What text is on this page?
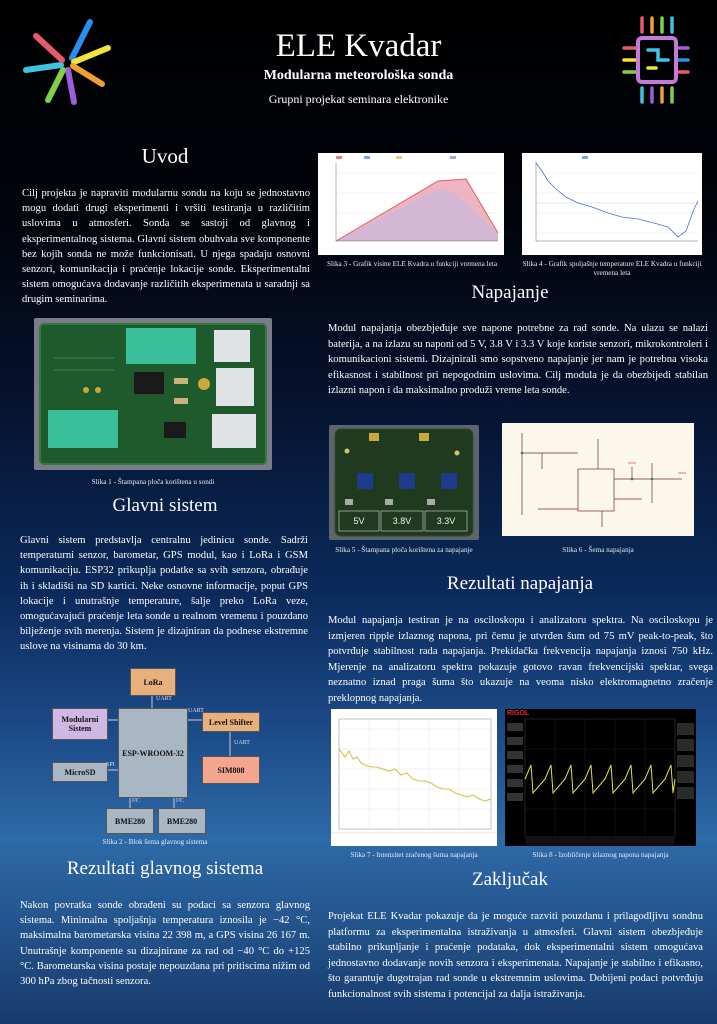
ELE Kvadar
Modularna meteorološka sonda
Grupni projekat seminara elektronike
Uvod
Cilj projekta je napraviti modularnu sondu na koju se jednostavno mogu dodati drugi eksperimenti i vršiti testiranja u različitim uslovima u atmosferi. Sonda se sastoji od glavnog i eksperimentalnog sistema. Glavni sistem obuhvata sve komponente bez kojih sonda ne može funkcionisati. U njega spadaju osnovni senzori, komunikacija i praćenje lokacije sonde. Eksperimentalni sistem omogućava dodavanje različitih eksperimenata u saradnji sa drugim seminarima.
Slika 1 - Štampana ploča korištena u sondi
Glavni sistem
Glavni sistem predstavlja centralnu jedinicu sonde. Sadrži temperaturni senzor, barometar, GPS modul, kao i LoRa i GSM komunikaciju. ESP32 prikuplja podatke sa svih senzora, obrađuje ih i skladišti na SD kartici. Neke osnovne informacije, poput GPS lokacije i unutrašnje temperature, šalje preko LoRa veze, omogućavajući praćenje leta sonde u realnom vremenu i pouzdano bilježenje svih merenja. Sistem je dizajniran da podnese ekstremne uslove na visinama do 30 km.
LoRa
Modularni Sistem
ESP-WROOM-32
Level Shifter
MicroSD	SIM808
BME280	BME280
UART
UART
UART
SPI
I²C	I²C
Slika 2 - Blok šema glavnog sistema
Rezultati glavnog sistema
Nakon povratka sonde obrađeni su podaci sa senzora glavnog sistema. Minimalna spoljašnja temperatura iznosila je −42 °C, maksimalna barometarska visina 22 398 m, a GPS visina 26 167 m. Unutrašnje komponente su dizajnirane za rad od −40 °C do +125 °C. Barometarska visina postaje nepouzdana pri pritiscima nižim od 300 hPa zbog tačnosti senzora.
Slika 3 - Grafik visine ELE Kvadra u funkciji vremena leta	Slika 4 - Grafik spoljašnje temperature ELE Kvadra u funkciji vremena leta
Napajanje
Modul napajanja obezbjeđuje sve napone potrebne za rad sonde. Na ulazu se nalazi baterija, a na izlazu su naponi od 5 V, 3.8 V i 3.3 V koje koriste senzori, mikrokontroleri i komunikacioni sistemi. Dizajnirali smo sopstveno napajanje jer nam je potrebna visoka efikasnost i stabilnost pri nepogodnim uslovima. Cilj modula je da obezbijedi stabilan izlazni napon i da maksimalno produži vreme leta sonde.
5V	3.8V	3.3V
Slika 5 - Štampana ploča korištena za napajanje	Slika 6 - Šema napajanja
Rezultati napajanja
Modul napajanja testiran je na osciloskopu i analizatoru spektra. Na osciloskopu je izmjeren ripple izlaznog napona, pri čemu je utvrđen šum od 75 mV peak-to-peak, što potvrđuje stabilnost rada napajanja. Prekidačka frekvencija napajanja iznosi 750 kHz. Mjerenje na analizatoru spektra pokazuje gotovo ravan frekvencijski spektar, svega neznatno iznad praga šuma što ukazuje na veoma nisko elektromagnetno zračenje preklopnog napajanja.
Slika 7 - Intenzitet zračenog šuma napajanja
RIGOL
Slika 8 - Izobličenje izlaznog napona napajanja
Zaključak
Projekat ELE Kvadar pokazuje da je moguće razviti pouzdanu i prilagodljivu sondnu platformu za eksperimentalna istraživanja u atmosferi. Glavni sistem obezbjeđuje stabilno prikupljanje i praćenje podataka, dok eksperimentalni sistem omogućava jednostavno dodavanje novih senzora i eksperimenata. Napajanje je stabilno i efikasno, što garantuje dugotrajan rad sonde u ekstremnim uslovima. Dobijeni podaci potvrđuju funkcionalnost svih sistema i potencijal za dalja istraživanja.
